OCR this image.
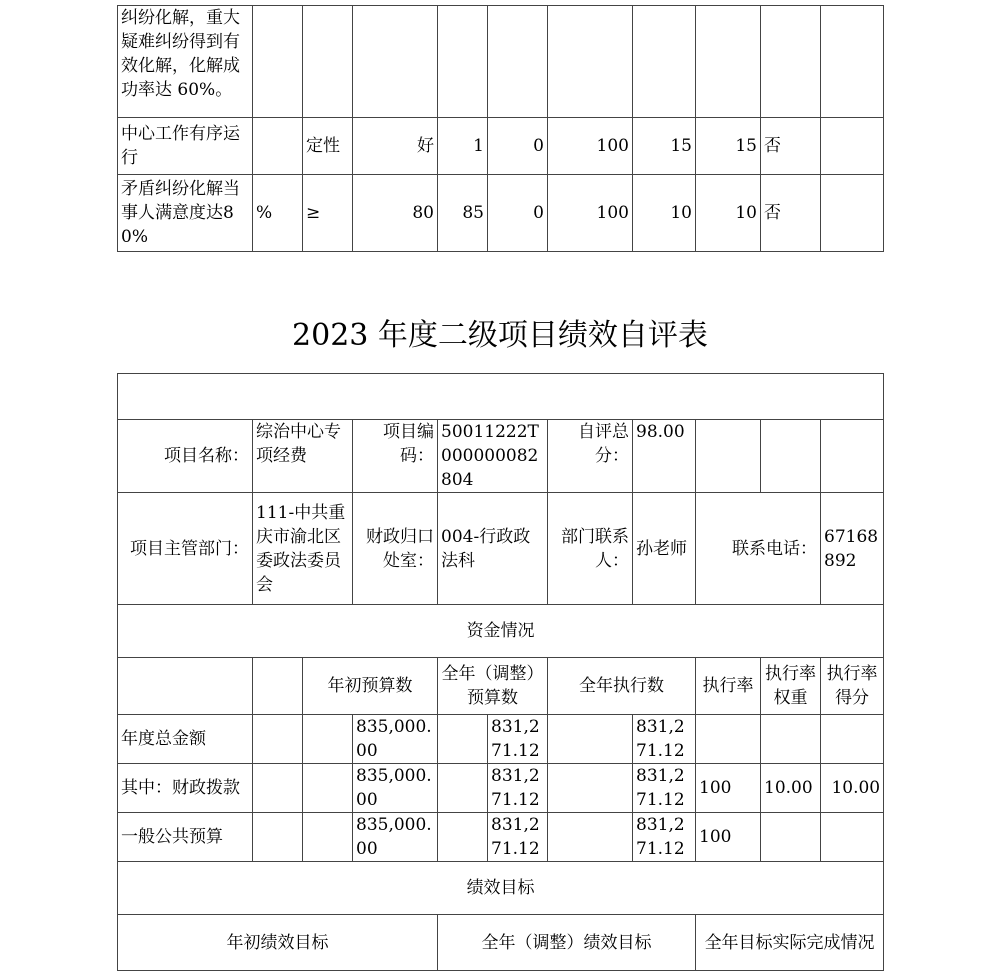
纠纷化解，重大疑难纠纷得到有效化解，化解成功率达 60%。										
中心工作有序运行		定性	好	1	0	100	15	15	否	
矛盾纠纷化解当事人满意度达80%	%	≥	80	85	0	100	10	10	否	
2023 年度二级项目绩效自评表

项目名称：	综治中心专项经费		项目编码：	50011222T000000082804		自评总分：	98.00			
项目主管部门：	111-中共重庆市渝北区委政法委员会		财政归口处室：	004-行政政法科		部门联系人：	孙老师	联系电话：		67168892
资金情况										
		年初预算数		全年（调整）预算数		全年执行数		执行率	执行率权重	执行率得分
年度总金额			835,000.00		831,271.12		831,271.12			
其中：财政拨款			835,000.00		831,271.12		831,271.12	100	10.00	10.00
一般公共预算			835,000.00		831,271.12		831,271.12	100		
绩效目标										
年初绩效目标				全年（调整）绩效目标				全年目标实际完成情况		
